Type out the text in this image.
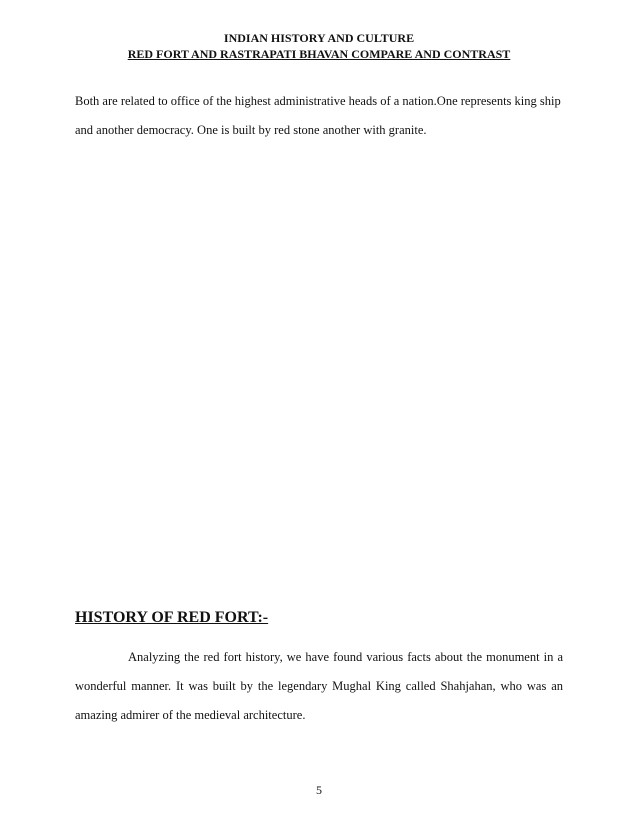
INDIAN HISTORY AND CULTURE
RED FORT AND RASTRAPATI BHAVAN COMPARE AND CONTRAST

Both are related to office of the highest administrative heads of a nation.One represents king ship and another democracy. One is built by red stone another with granite.

HISTORY OF RED FORT:-

Analyzing the red fort history, we have found various facts about the monument in a wonderful manner. It was built by the legendary Mughal King called Shahjahan, who was an amazing admirer of the medieval architecture.

5
